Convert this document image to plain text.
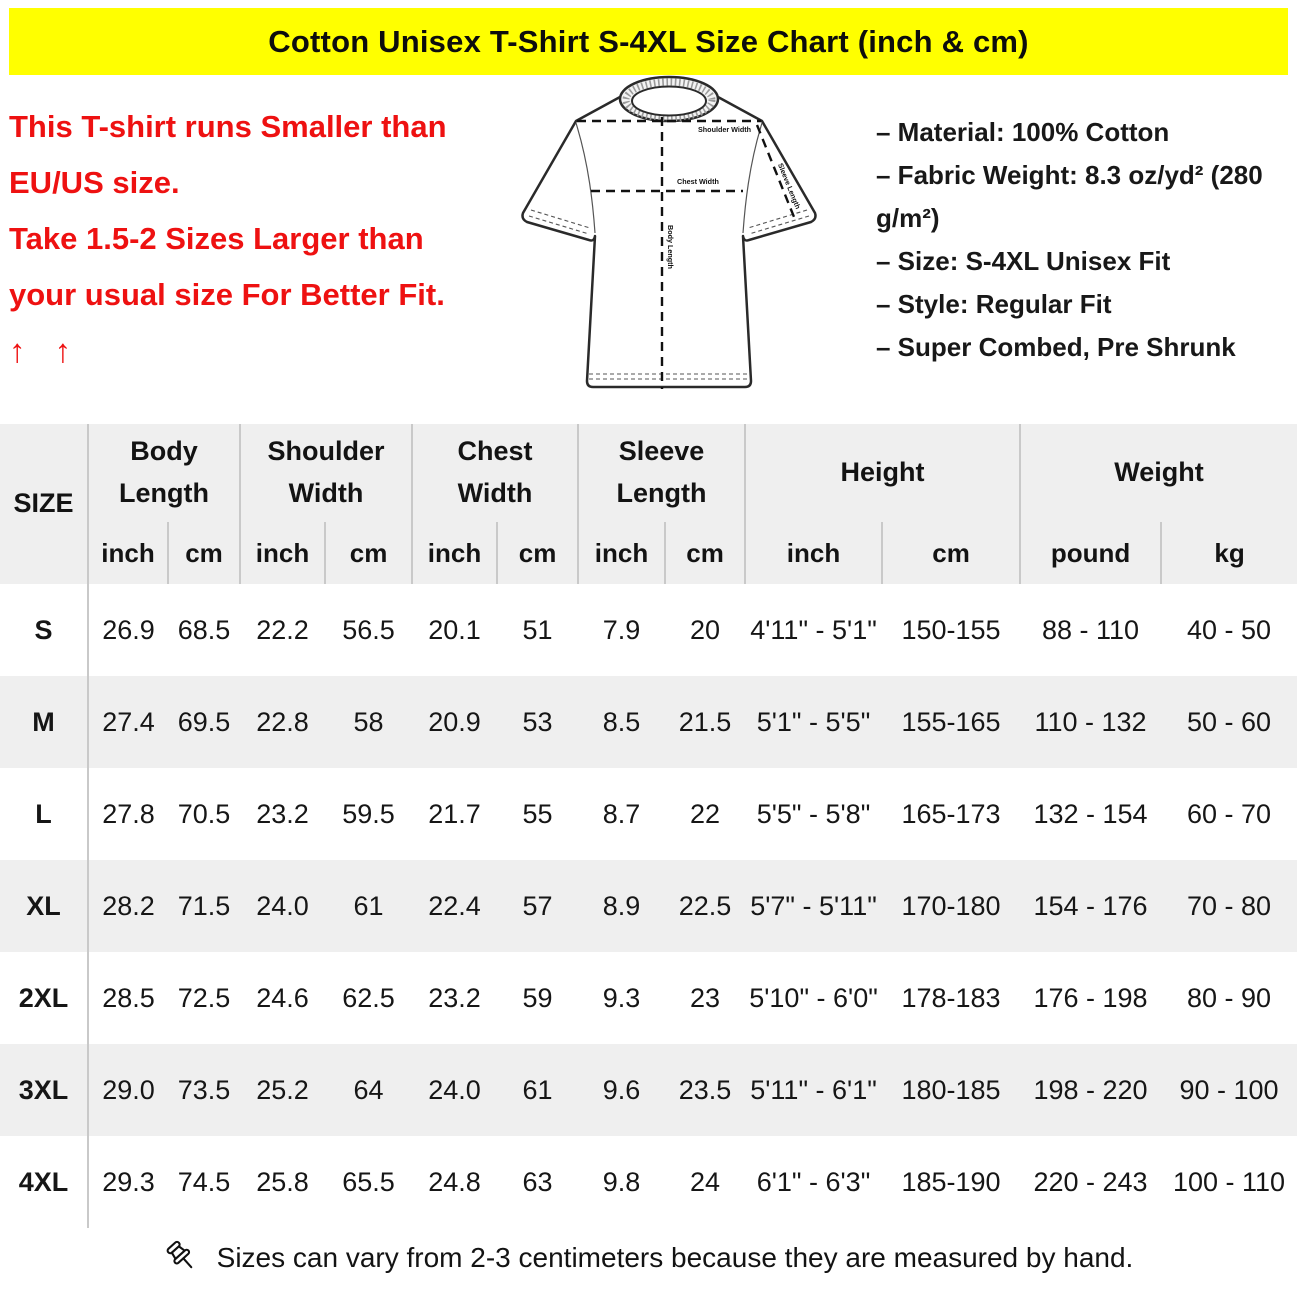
Cotton Unisex T-Shirt S-4XL Size Chart (inch & cm)
This T-shirt runs Smaller than
EU/US size.
Take 1.5-2 Sizes Larger than
your usual size For Better Fit.
↑ ↑
Shoulder Width
Chest Width
Body Length
Sleeve Length
– Material: 100% Cotton
– Fabric Weight: 8.3 oz/yd² (280 g/m²)
– Size: S-4XL Unisex Fit
– Style: Regular Fit
– Super Combed, Pre Shrunk
SIZE	Body Length		Shoulder Width		Chest Width		Sleeve Length		Height		Weight	
	inch	cm	inch	cm	inch	cm	inch	cm	inch	cm	pound	kg
S	26.9	68.5	22.2	56.5	20.1	51	7.9	20	4'11" - 5'1"	150-155	88 - 110	40 - 50
M	27.4	69.5	22.8	58	20.9	53	8.5	21.5	5'1" - 5'5"	155-165	110 - 132	50 - 60
L	27.8	70.5	23.2	59.5	21.7	55	8.7	22	5'5" - 5'8"	165-173	132 - 154	60 - 70
XL	28.2	71.5	24.0	61	22.4	57	8.9	22.5	5'7" - 5'11"	170-180	154 - 176	70 - 80
2XL	28.5	72.5	24.6	62.5	23.2	59	9.3	23	5'10" - 6'0"	178-183	176 - 198	80 - 90
3XL	29.0	73.5	25.2	64	24.0	61	9.6	23.5	5'11" - 6'1"	180-185	198 - 220	90 - 100
4XL	29.3	74.5	25.8	65.5	24.8	63	9.8	24	6'1" - 6'3"	185-190	220 - 243	100 - 110
Sizes can vary from 2-3 centimeters because they are measured by hand.
